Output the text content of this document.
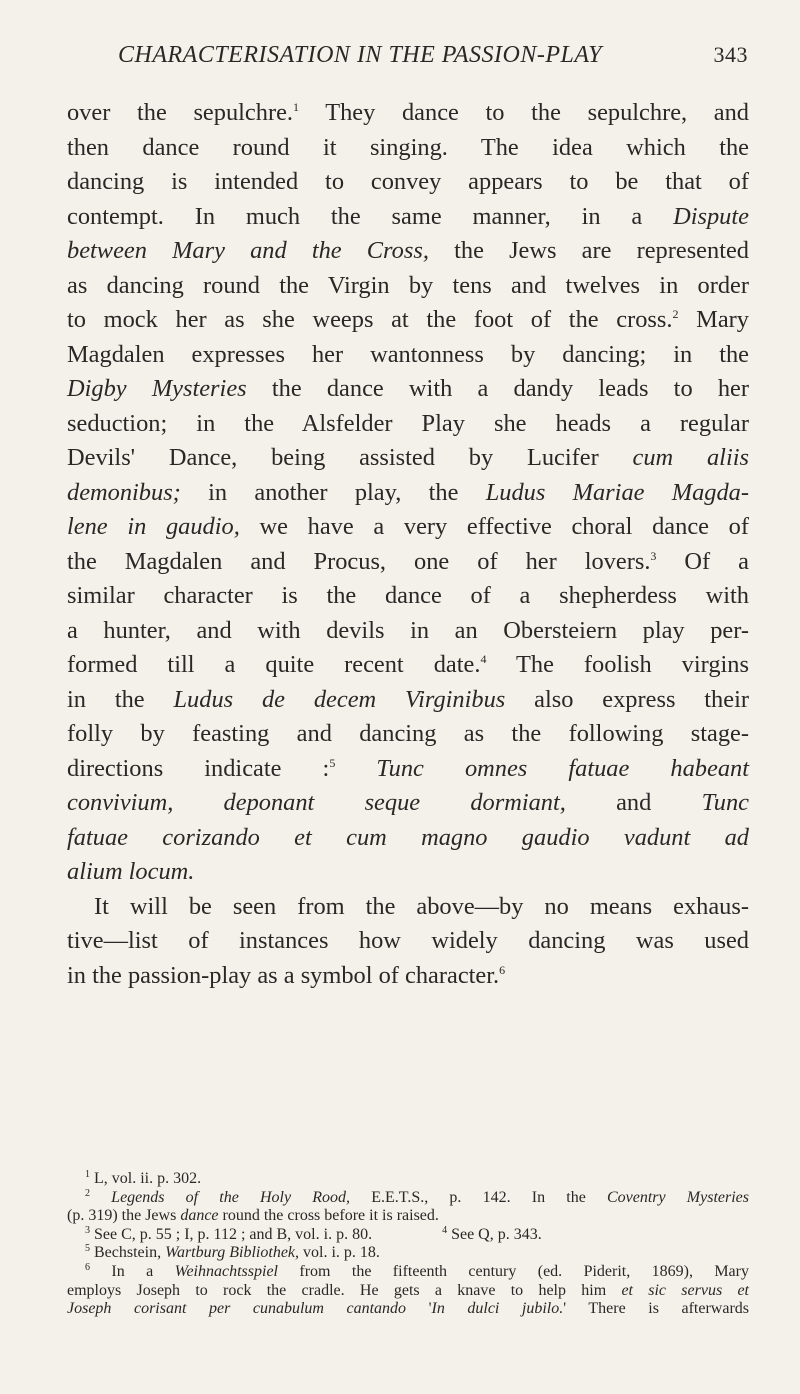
CHARACTERISATION IN THE PASSION-PLAY	343
over the sepulchre.$^1$ They dance to the sepulchre, and
then dance round it singing. The idea which the
dancing is intended to convey appears to be that of
contempt. In much the same manner, in a Dispute
between Mary and the Cross, the Jews are represented
as dancing round the Virgin by tens and twelves in order
to mock her as she weeps at the foot of the cross.$^2$ Mary
Magdalen expresses her wantonness by dancing; in the
Digby Mysteries the dance with a dandy leads to her
seduction; in the Alsfelder Play she heads a regular
Devils' Dance, being assisted by Lucifer cum aliis
demonibus; in another play, the Ludus Mariae Magda-
lene in gaudio, we have a very effective choral dance of
the Magdalen and Procus, one of her lovers.$^3$ Of a
similar character is the dance of a shepherdess with
a hunter, and with devils in an Obersteiern play per-
formed till a quite recent date.$^4$ The foolish virgins
in the Ludus de decem Virginibus also express their
folly by feasting and dancing as the following stage-
directions indicate :$^5$ Tunc omnes fatuae habeant
convivium, deponant seque dormiant, and Tunc
fatuae corizando et cum magno gaudio vadunt ad
alium locum.
It will be seen from the above—by no means exhaus-
tive—list of instances how widely dancing was used
in the passion-play as a symbol of character.$^6$
$^1$ L, vol. ii. p. 302.
$^2$ Legends of the Holy Rood, E.E.T.S., p. 142. In the Coventry Mysteries
(p. 319) the Jews dance round the cross before it is raised.
$^3$ See C, p. 55 ; I, p. 112 ; and B, vol. i. p. 80.	$^4$ See Q, p. 343.
$^5$ Bechstein, Wartburg Bibliothek, vol. i. p. 18.
$^6$ In a Weihnachtsspiel from the fifteenth century (ed. Piderit, 1869), Mary
employs Joseph to rock the cradle. He gets a knave to help him et sic servus et
Joseph corisant per cunabulum cantando 'In dulci jubilo.' There is afterwards
